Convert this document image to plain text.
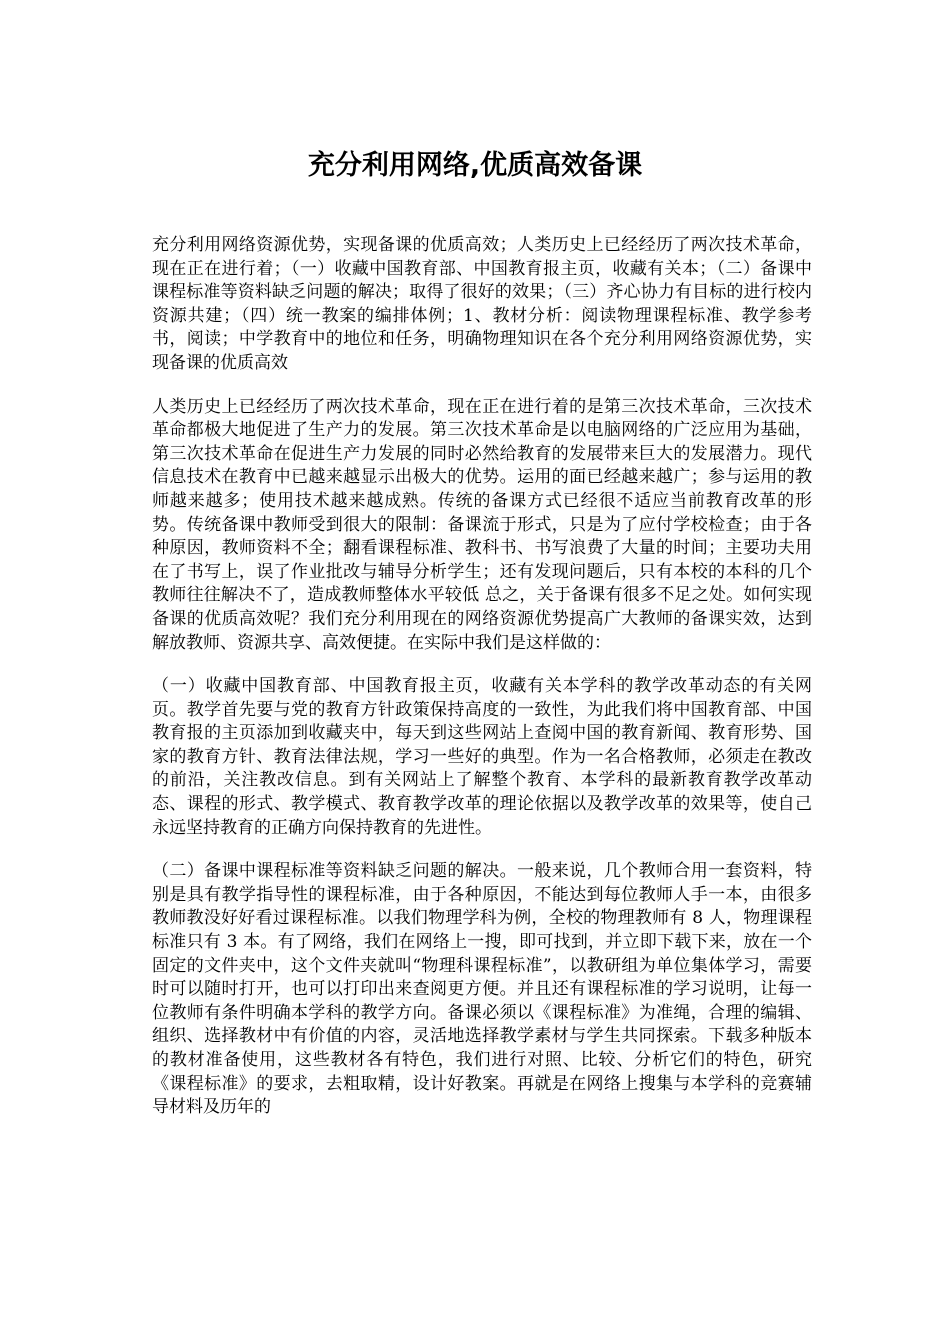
充分利用网络,优质高效备课

充分利用网络资源优势，实现备课的优质高效；人类历史上已经经历了两次技术革命，现在正在进行着；（一）收藏中国教育部、中国教育报主页，收藏有关本；（二）备课中课程标准等资料缺乏问题的解决；取得了很好的效果；（三）齐心协力有目标的进行校内资源共建；（四）统一教案的编排体例；1、教材分析：阅读物理课程标准、教学参考书，阅读；中学教育中的地位和任务，明确物理知识在各个充分利用网络资源优势，实现备课的优质高效

人类历史上已经经历了两次技术革命，现在正在进行着的是第三次技术革命，三次技术革命都极大地促进了生产力的发展。第三次技术革命是以电脑网络的广泛应用为基础，第三次技术革命在促进生产力发展的同时必然给教育的发展带来巨大的发展潜力。现代信息技术在教育中已越来越显示出极大的优势。运用的面已经越来越广；参与运用的教师越来越多；使用技术越来越成熟。传统的备课方式已经很不适应当前教育改革的形势。传统备课中教师受到很大的限制：备课流于形式，只是为了应付学校检查；由于各种原因，教师资料不全；翻看课程标准、教科书、书写浪费了大量的时间；主要功夫用在了书写上，误了作业批改与辅导分析学生；还有发现问题后，只有本校的本科的几个教师往往解决不了，造成教师整体水平较低 总之，关于备课有很多不足之处。如何实现备课的优质高效呢？我们充分利用现在的网络资源优势提高广大教师的备课实效，达到解放教师、资源共享、高效便捷。在实际中我们是这样做的：

（一）收藏中国教育部、中国教育报主页，收藏有关本学科的教学改革动态的有关网页。教学首先要与党的教育方针政策保持高度的一致性，为此我们将中国教育部、中国教育报的主页添加到收藏夹中，每天到这些网站上查阅中国的教育新闻、教育形势、国家的教育方针、教育法律法规，学习一些好的典型。作为一名合格教师，必须走在教改的前沿，关注教改信息。到有关网站上了解整个教育、本学科的最新教育教学改革动态、课程的形式、教学模式、教育教学改革的理论依据以及教学改革的效果等，使自己永远坚持教育的正确方向保持教育的先进性。

（二）备课中课程标准等资料缺乏问题的解决。一般来说，几个教师合用一套资料，特别是具有教学指导性的课程标准，由于各种原因，不能达到每位教师人手一本，由很多教师教没好好看过课程标准。以我们物理学科为例，全校的物理教师有 8 人，物理课程标准只有 3 本。有了网络，我们在网络上一搜，即可找到，并立即下载下来，放在一个固定的文件夹中，这个文件夹就叫“物理科课程标准”，以教研组为单位集体学习，需要时可以随时打开，也可以打印出来查阅更方便。并且还有课程标准的学习说明，让每一位教师有条件明确本学科的教学方向。备课必须以《课程标准》为准绳，合理的编辑、组织、选择教材中有价值的内容，灵活地选择教学素材与学生共同探索。下载多种版本的教材准备使用，这些教材各有特色，我们进行对照、比较、分析它们的特色，研究《课程标准》的要求，去粗取精，设计好教案。再就是在网络上搜集与本学科的竞赛辅导材料及历年的
